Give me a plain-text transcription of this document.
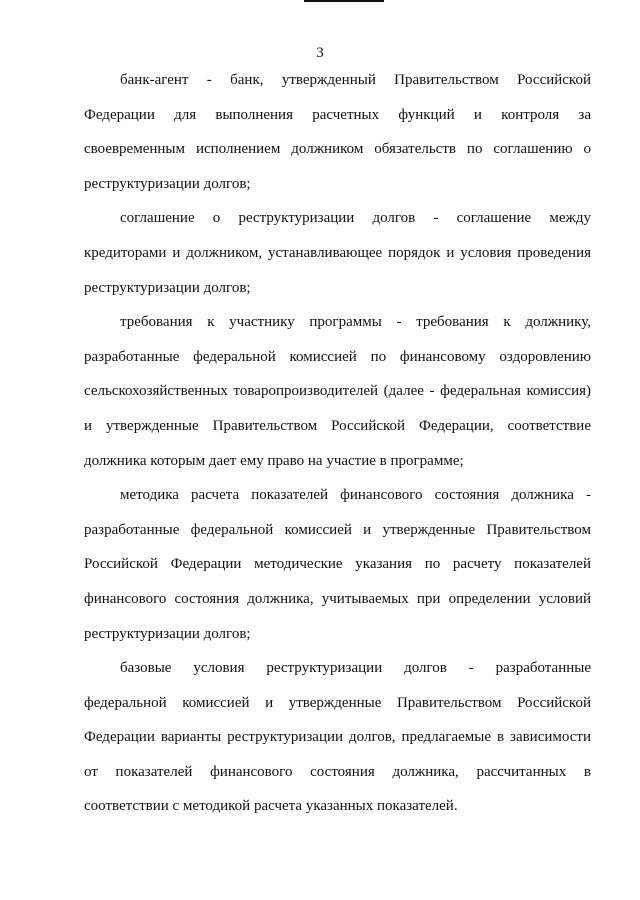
3

банк-агент - банк, утвержденный Правительством Российской
Федерации для выполнения расчетных функций и контроля за
своевременным исполнением должником обязательств по соглашению о
реструктуризации долгов;

соглашение о реструктуризации долгов - соглашение между
кредиторами и должником, устанавливающее порядок и условия проведения
реструктуризации долгов;

требования к участнику программы - требования к должнику,
разработанные федеральной комиссией по финансовому оздоровлению
сельскохозяйственных товаропроизводителей (далее - федеральная комиссия)
и утвержденные Правительством Российской Федерации, соответствие
должника которым дает ему право на участие в программе;

методика расчета показателей финансового состояния должника -
разработанные федеральной комиссией и утвержденные Правительством
Российской Федерации методические указания по расчету показателей
финансового состояния должника, учитываемых при определении условий
реструктуризации долгов;

базовые условия реструктуризации долгов - разработанные
федеральной комиссией и утвержденные Правительством Российской
Федерации варианты реструктуризации долгов, предлагаемые в зависимости
от показателей финансового состояния должника, рассчитанных в
соответствии с методикой расчета указанных показателей.
